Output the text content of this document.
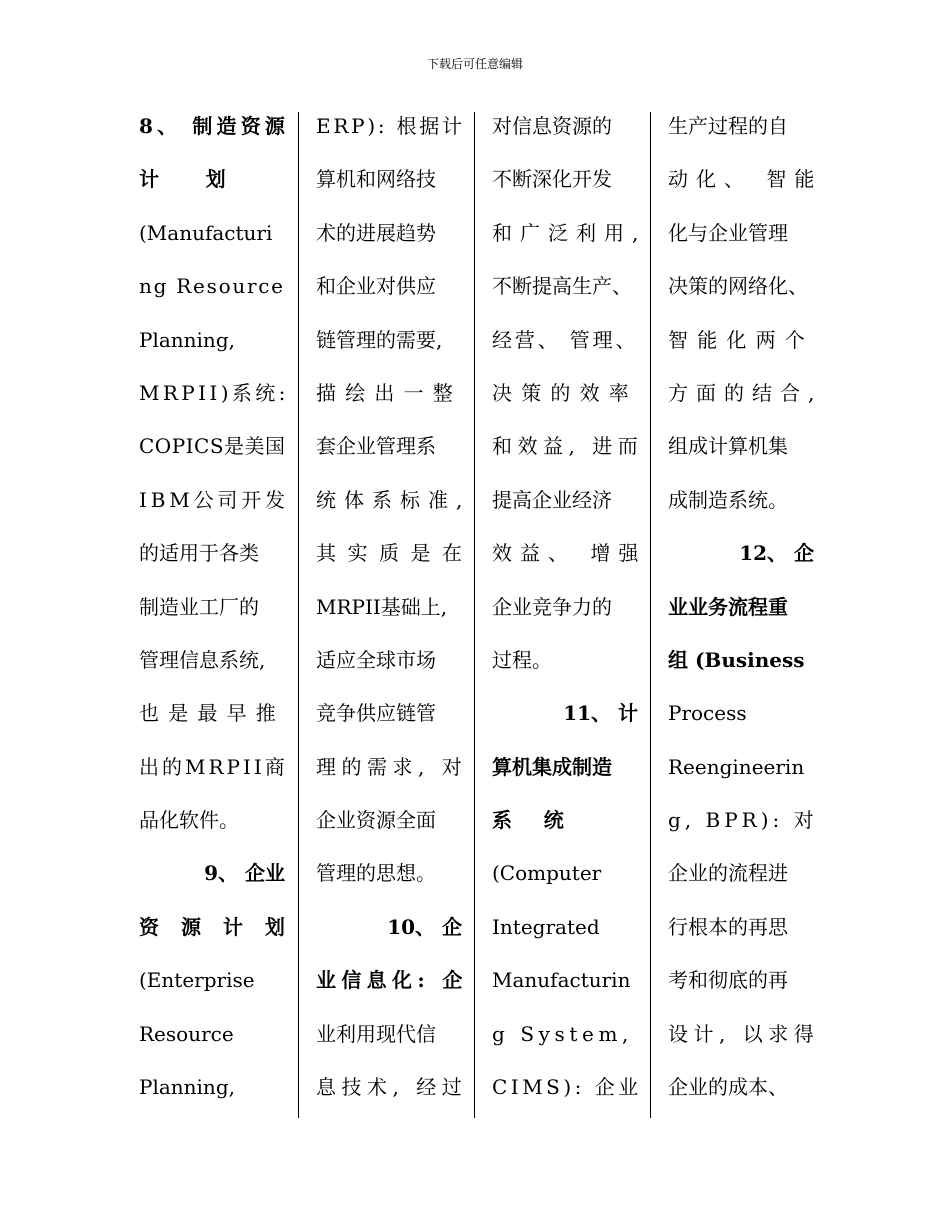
下载后可任意编辑
8、 制造资源
计 划
(Manufacturi
ng Resource
Planning,
MRPII)系统:
COPICS是美国
IBM公司开发
的适用于各类
制造业工厂的
管理信息系统,
也是最早推
出的MRPII商
品化软件。
9、 企业
资 源 计 划
(Enterprise
Resource
Planning,
ERP): 根据计
算机和网络技
术的进展趋势
和企业对供应
链管理的需要,
描绘出一整
套企业管理系
统体系标准,
其实质是在
MRPII基础上,
适应全球市场
竞争供应链管
理的需求, 对
企业资源全面
管理的思想。
10、 企
业信息化: 企
业利用现代信
息技术, 经过
对信息资源的
不断深化开发
和广泛利用,
不断提高生产、
经营、 管理、
决策的效率
和效益, 进而
提高企业经济
效益、 增强
企业竞争力的
过程。
11、 计
算机集成制造
系 统
(Computer
Integrated
Manufacturin
g System,
CIMS): 企业
生产过程的自
动化、 智能
化与企业管理
决策的网络化、
智能化两个
方面的结合,
组成计算机集
成制造系统。
12、 企
业业务流程重
组 (Business
Process
Reengineerin
g, BPR): 对
企业的流程进
行根本的再思
考和彻底的再
设计, 以求得
企业的成本、
